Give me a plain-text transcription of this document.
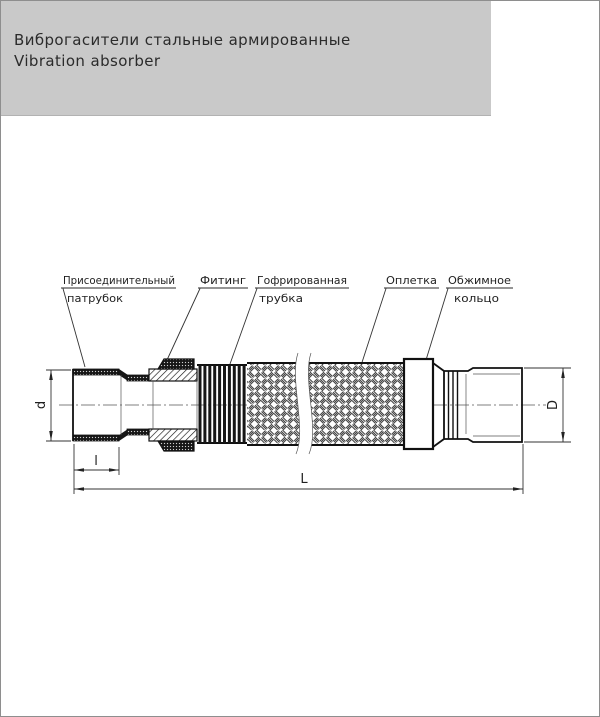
Виброгасители стальные армированные
Vibration absorber
Присоединительный
патрубок
Фитинг Гофрированная
трубка
Оплетка Обжимное
кольцо
d	D
l
L
